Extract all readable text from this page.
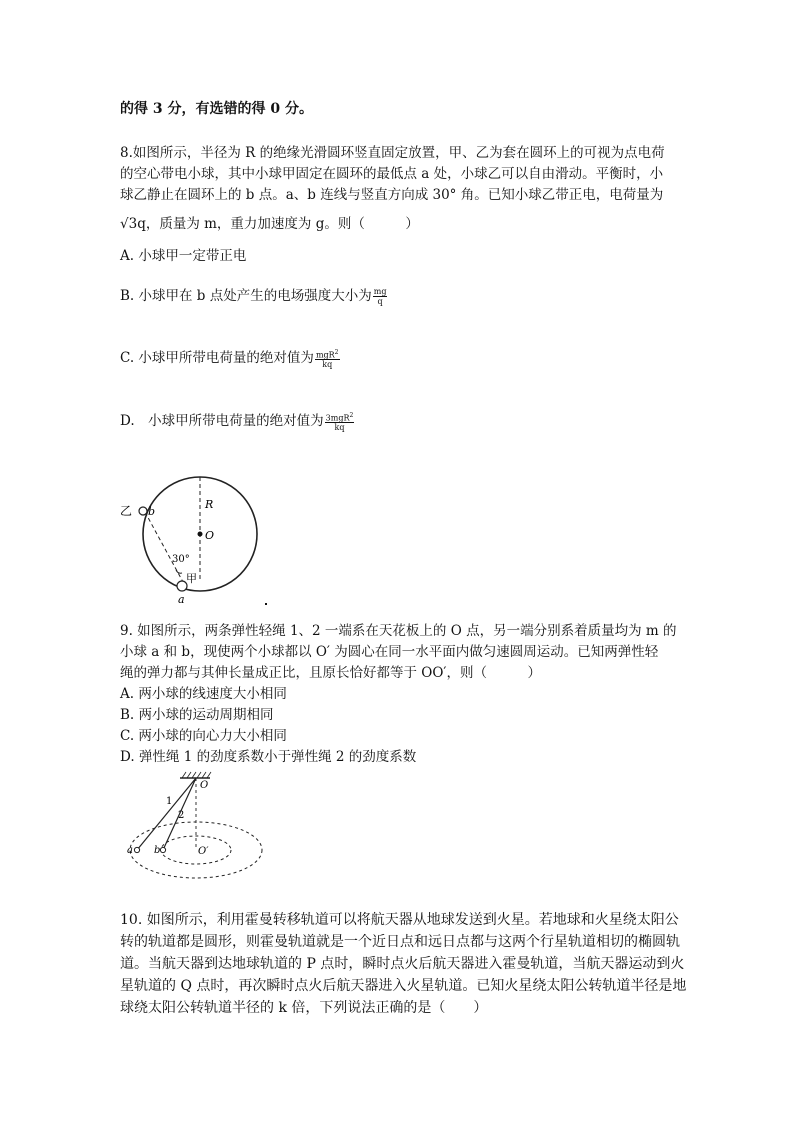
的得 3 分，有选错的得 0 分。
8.如图所示，半径为 R 的绝缘光滑圆环竖直固定放置，甲、乙为套在圆环上的可视为点电荷
的空心带电小球，其中小球甲固定在圆环的最低点 a 处，小球乙可以自由滑动。平衡时，小
球乙静止在圆环上的 b 点。a、b 连线与竖直方向成 30° 角。已知小球乙带正电，电荷量为
√3q，质量为 m，重力加速度为 g。则（　　　）
A. 小球甲一定带正电
B. 小球甲在 b 点处产生的电场强度大小为 $\frac{mg}{q}$
C. 小球甲所带电荷量的绝对值为 $\frac{mgR^2}{kq}$
D.　小球甲所带电荷量的绝对值为 $\frac{3mgR^2}{kq}$
乙 b
R
O
30°
甲
a
9. 如图所示，两条弹性轻绳 1、2 一端系在天花板上的 O 点，另一端分别系着质量均为 m 的
小球 a 和 b，现使两个小球都以 O′ 为圆心在同一水平面内做匀速圆周运动。已知两弹性轻
绳的弹力都与其伸长量成正比，且原长恰好都等于 OO′，则（　　　）
A. 两小球的线速度大小相同
B. 两小球的运动周期相同
C. 两小球的向心力大小相同
D. 弹性绳 1 的劲度系数小于弹性绳 2 的劲度系数
O
1
2
a b	O′
10. 如图所示，利用霍曼转移轨道可以将航天器从地球发送到火星。若地球和火星绕太阳公
转的轨道都是圆形，则霍曼轨道就是一个近日点和远日点都与这两个行星轨道相切的椭圆轨
道。当航天器到达地球轨道的 P 点时，瞬时点火后航天器进入霍曼轨道，当航天器运动到火
星轨道的 Q 点时，再次瞬时点火后航天器进入火星轨道。已知火星绕太阳公转轨道半径是地
球绕太阳公转轨道半径的 k 倍，下列说法正确的是（　　）
